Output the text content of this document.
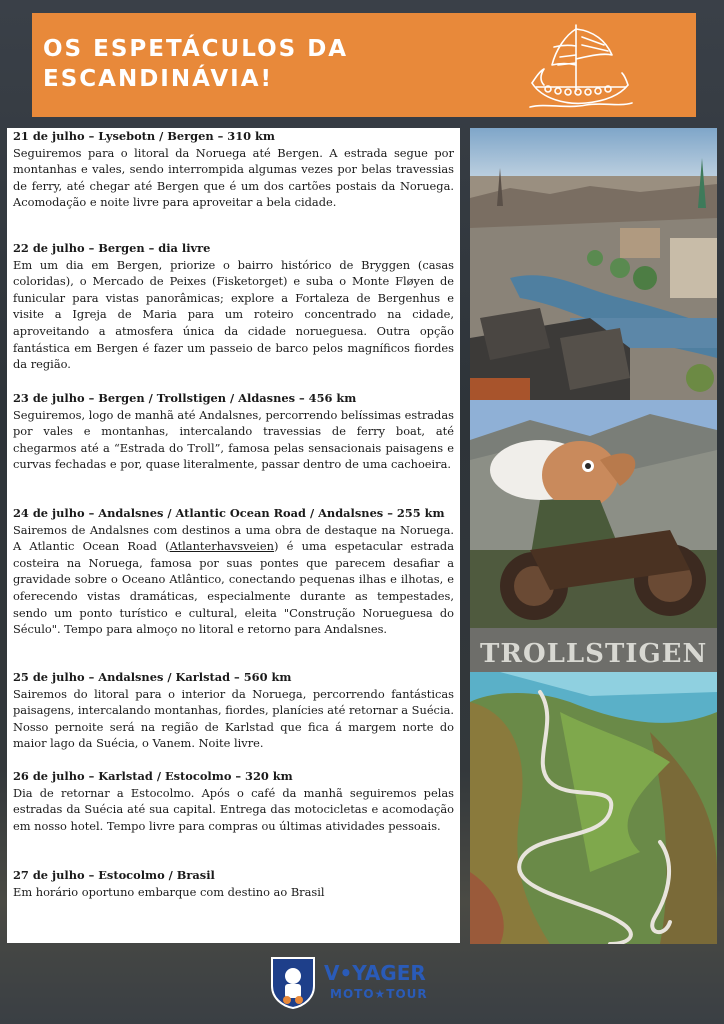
OS ESPETÁCULOS DA
ESCANDINÁVIA!

21 de julho – Lysebotn / Bergen – 310 km

Seguiremos para o litoral da Noruega até Bergen. A estrada segue por montanhas e vales, sendo interrompida algumas vezes por belas travessias de ferry, até chegar até Bergen que é um dos cartões postais da Noruega. Acomodação e noite livre para aproveitar a bela cidade.

22 de julho – Bergen – dia livre

Em um dia em Bergen, priorize o bairro histórico de Bryggen (casas coloridas), o Mercado de Peixes (Fisketorget) e suba o Monte Fløyen de funicular para vistas panorâmicas; explore a Fortaleza de Bergenhus e visite a Igreja de Maria para um roteiro concentrado na cidade, aproveitando a atmosfera única da cidade norueguesa. Outra opção fantástica em Bergen é fazer um passeio de barco pelos magníficos fiordes da região.

23 de julho – Bergen / Trollstigen / Aldasnes – 456 km

Seguiremos, logo de manhã até Andalsnes, percorrendo belíssimas estradas por vales e montanhas, intercalando travessias de ferry boat, até chegarmos até a “Estrada do Troll”, famosa pelas sensacionais paisagens e curvas fechadas e por, quase literalmente, passar dentro de uma cachoeira.

24 de julho – Andalsnes / Atlantic Ocean Road / Andalsnes – 255 km

Sairemos de Andalsnes com destinos a uma obra de destaque na Noruega. A Atlantic Ocean Road (Atlanterhavsveien) é uma espetacular estrada costeira na Noruega, famosa por suas pontes que parecem desafiar a gravidade sobre o Oceano Atlântico, conectando pequenas ilhas e ilhotas, e oferecendo vistas dramáticas, especialmente durante as tempestades, sendo um ponto turístico e cultural, eleita "Construção Norueguesa do Século". Tempo para almoço no litoral e retorno para Andalsnes.

25 de julho – Andalsnes / Karlstad – 560 km

Sairemos do litoral para o interior da Noruega, percorrendo fantásticas paisagens, intercalando montanhas, fiordes, planícies até retornar a Suécia. Nosso pernoite será na região de Karlstad que fica á margem norte do maior lago da Suécia, o Vanem. Noite livre.

26 de julho – Karlstad / Estocolmo – 320 km

Dia de retornar a Estocolmo. Após o café da manhã seguiremos pelas estradas da Suécia até sua capital. Entrega das motocicletas e acomodação em nosso hotel. Tempo livre para compras ou últimas atividades pessoais.

27 de julho – Estocolmo / Brasil

Em horário oportuno embarque com destino ao Brasil

TROLLSTIGEN
V•YAGER
MOTO★TOUR
